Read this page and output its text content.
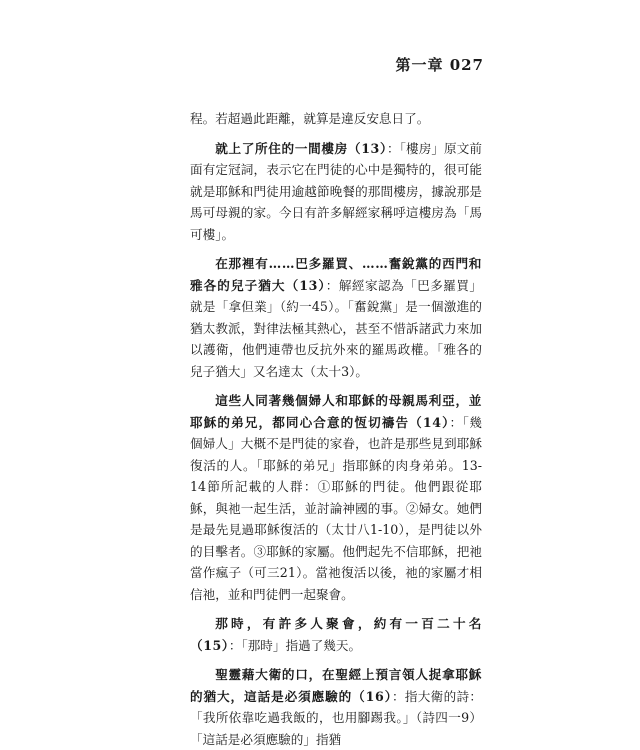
第一章 027

程。若超過此距離，就算是違反安息日了。

就上了所住的一間樓房（13）：「樓房」原文前面有定冠詞，表示它在門徒的心中是獨特的，很可能就是耶穌和門徒用逾越節晚餐的那間樓房，據說那是馬可母親的家。今日有許多解經家稱呼這樓房為「馬可樓」。

在那裡有……巴多羅買、……奮銳黨的西門和雅各的兒子猶大（13）：解經家認為「巴多羅買」就是「拿但業」（約一45）。「奮銳黨」是一個激進的猶太教派，對律法極其熱心，甚至不惜訴諸武力來加以護衛，他們連帶也反抗外來的羅馬政權。「雅各的兒子猶大」又名達太（太十3）。

這些人同著幾個婦人和耶穌的母親馬利亞，並耶穌的弟兄，都同心合意的恆切禱告（14）：「幾個婦人」大概不是門徒的家眷，也許是那些見到耶穌復活的人。「耶穌的弟兄」指耶穌的肉身弟弟。13-14節所記載的人群：①耶穌的門徒。他們跟從耶穌，與祂一起生活，並討論神國的事。②婦女。她們是最先見過耶穌復活的（太廿八1-10），是門徒以外的目擊者。③耶穌的家屬。他們起先不信耶穌，把祂當作瘋子（可三21）。當祂復活以後，祂的家屬才相信祂，並和門徒們一起聚會。

那時，有許多人聚會，約有一百二十名（15）：「那時」指過了幾天。

聖靈藉大衛的口，在聖經上預言領人捉拿耶穌的猶大，這話是必須應驗的（16）：指大衛的詩：「我所依靠吃過我飯的，也用腳踢我。」（詩四一9）「這話是必須應驗的」指猶
